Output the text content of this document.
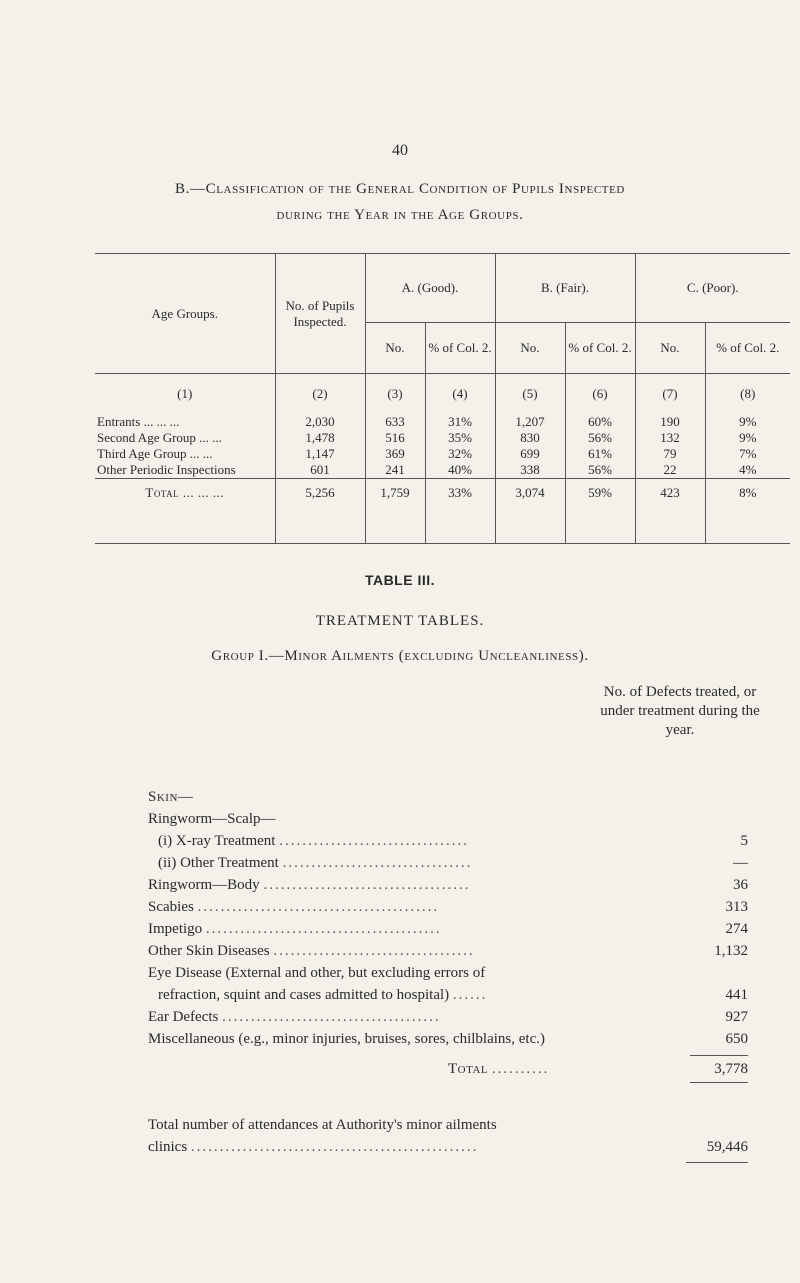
40
B.—Classification of the General Condition of Pupils Inspected
during the Year in the Age Groups.
Age Groups.	No. of Pupils Inspected.	A. (Good).		B. (Fair).		C. (Poor).	
		No.	% of Col. 2.	No.	% of Col. 2.	No.	% of Col. 2.
(1)	(2)	(3)	(4)	(5)	(6)	(7)	(8)
Entrants ... ... ...	2,030	633	31%	1,207	60%	190	9%
Second Age Group ... ...	1,478	516	35%	830	56%	132	9%
Third Age Group ... ...	1,147	369	32%	699	61%	79	7%
Other Periodic Inspections	601	241	40%	338	56%	22	4%
Total ... ... ...	5,256	1,759	33%	3,074	59%	423	8%
TABLE III.
TREATMENT TABLES.
Group I.—Minor Ailments (excluding Uncleanliness).
No. of Defects treated, or under treatment during the year.
Skin—
Ringworm—Scalp—
(i) X-ray Treatment .................................	5
(ii) Other Treatment .................................	—
Ringworm—Body ....................................	36
Scabies ..........................................	313
Impetigo .........................................	274
Other Skin Diseases ...................................	1,132
Eye Disease (External and other, but excluding errors of
refraction, squint and cases admitted to hospital) ......	441
Ear Defects ......................................	927
Miscellaneous (e.g., minor injuries, bruises, sores, chilblains, etc.)	650
Total ..........	3,778
Total number of attendances at Authority's minor ailments
clinics ..................................................	59,446
